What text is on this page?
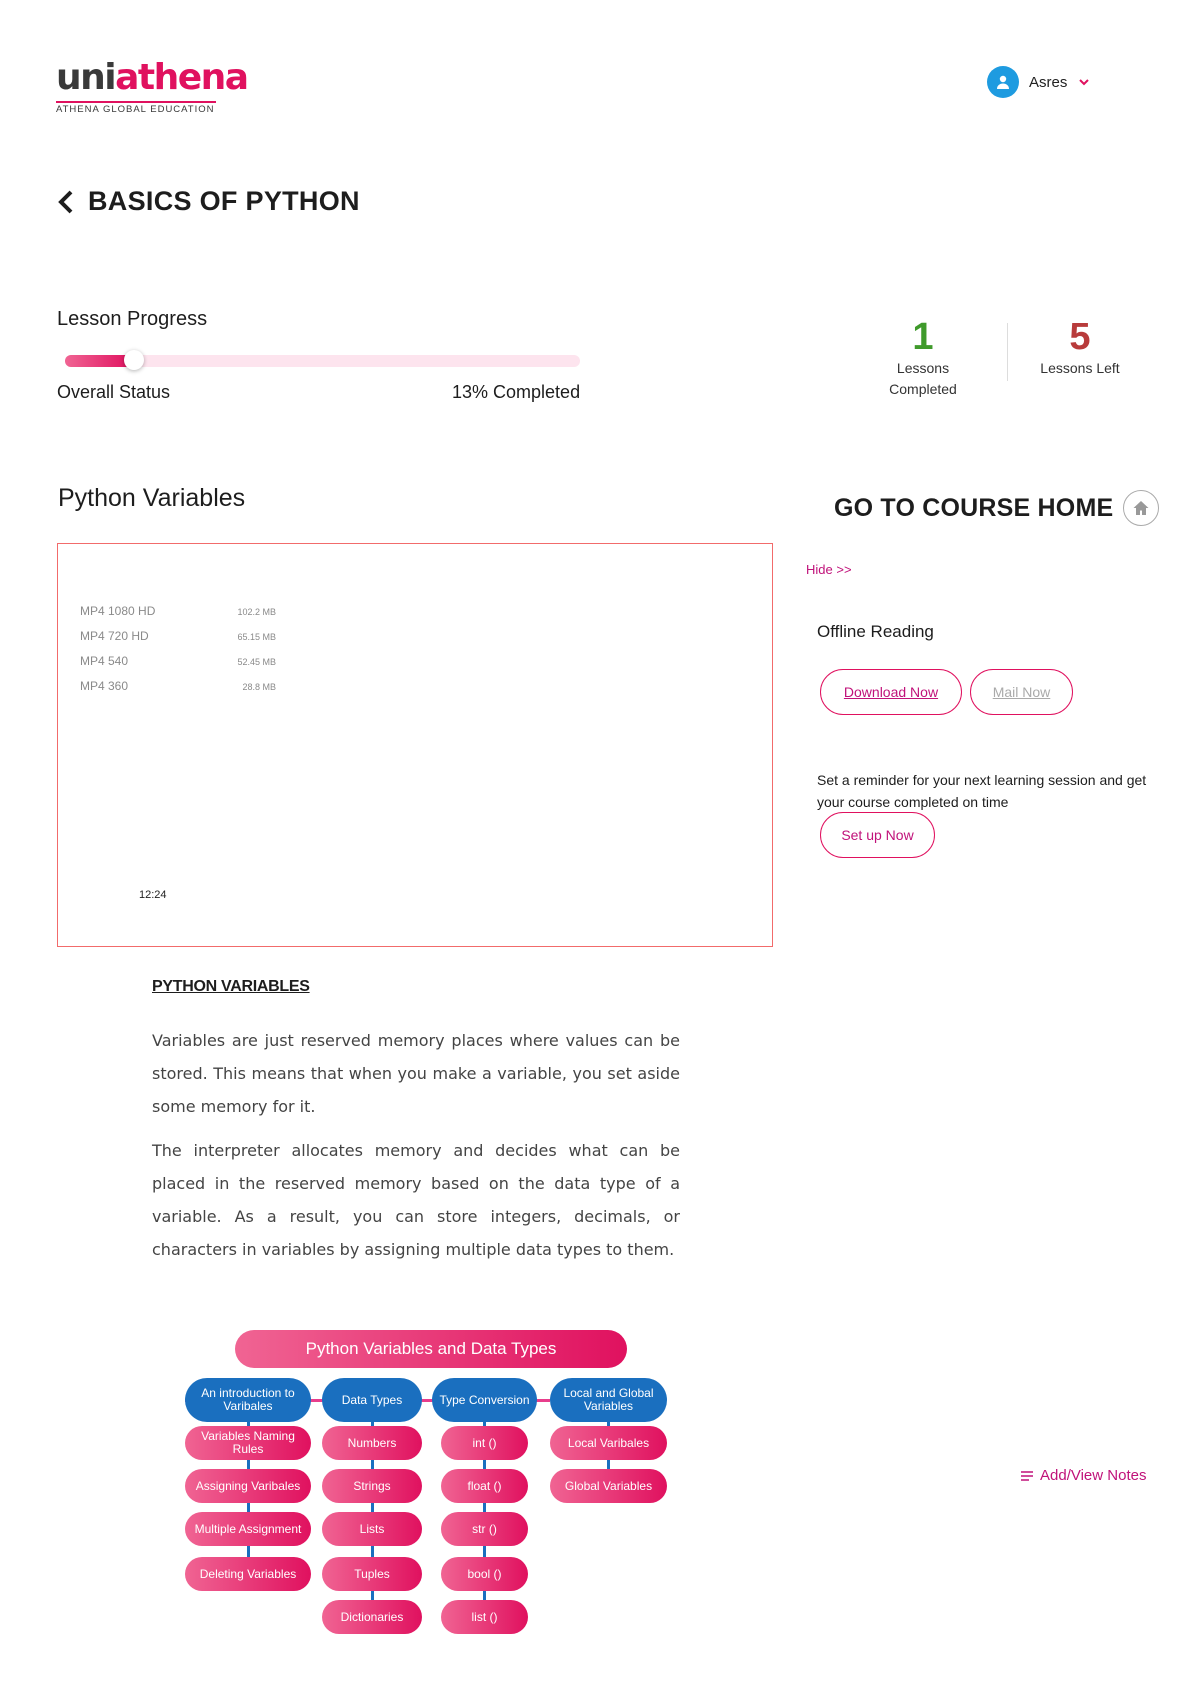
uniathena
ATHENA GLOBAL EDUCATION
Asres
BASICS OF PYTHON
Lesson Progress
Overall Status	13% Completed
1
Lessons
Completed
5
Lessons Left
Python Variables	GO TO COURSE HOME
MP4 1080 HD	102.2 MB
MP4 720 HD	65.15 MB
MP4 540	52.45 MB
MP4 360	28.8 MB
12:24
Hide >>
Offline Reading
Download Now	Mail Now
Set a reminder for your next learning session and get your course completed on time
Set up Now
PYTHON VARIABLES
Variables are just reserved memory places where values can be stored. This means that when you make a variable, you set aside some memory for it.
The interpreter allocates memory and decides what can be placed in the reserved memory based on the data type of a variable. As a result, you can store integers, decimals, or characters in variables by assigning multiple data types to them.
Python Variables and Data Types
An introduction to Varibales
Variables Naming Rules
Assigning Varibales
Multiple Assignment
Deleting Variables
Data Types
Numbers
Strings
Lists
Tuples
Dictionaries
Type Conversion
int ()
float ()
str ()
bool ()
list ()
Local and Global Variables
Local Varibales
Global Variables
Add/View Notes
